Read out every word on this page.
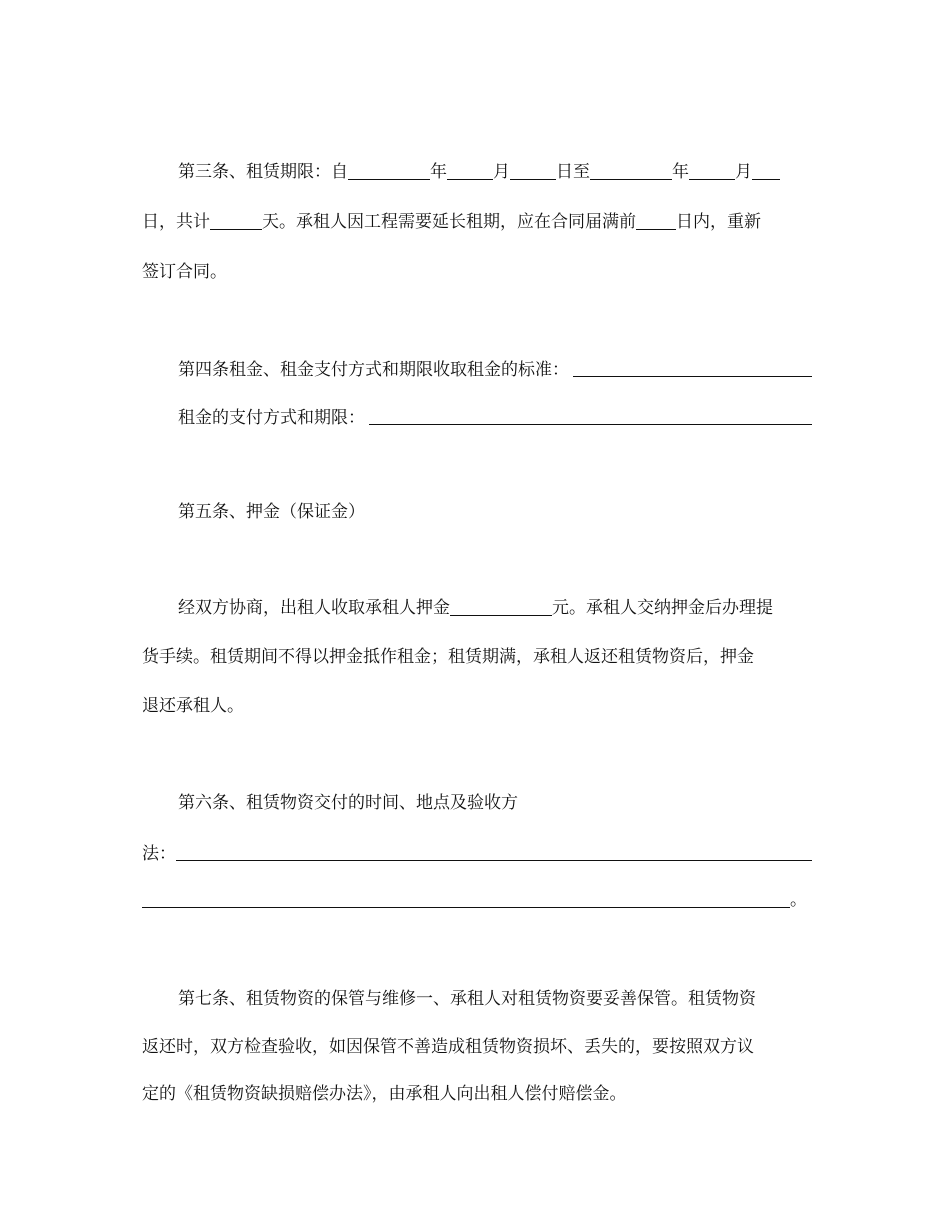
第三条、租赁期限：自	年	月	日至	年	月
日，共计	天。承租人因工程需要延长租期，应在合同届满前 日内，重新
签订合同。
第四条租金、租金支付方式和期限收取租金的标准：
租金的支付方式和期限：
第五条、押金（保证金）
经双方协商，出租人收取承租人押金	元。承租人交纳押金后办理提
货手续。租赁期间不得以押金抵作租金；租赁期满，承租人返还租赁物资后，押金
退还承租人。
第六条、租赁物资交付的时间、地点及验收方
法：
。
第七条、租赁物资的保管与维修一、承租人对租赁物资要妥善保管。租赁物资
返还时，双方检查验收，如因保管不善造成租赁物资损坏、丢失的，要按照双方议
定的《租赁物资缺损赔偿办法》，由承租人向出租人偿付赔偿金。
